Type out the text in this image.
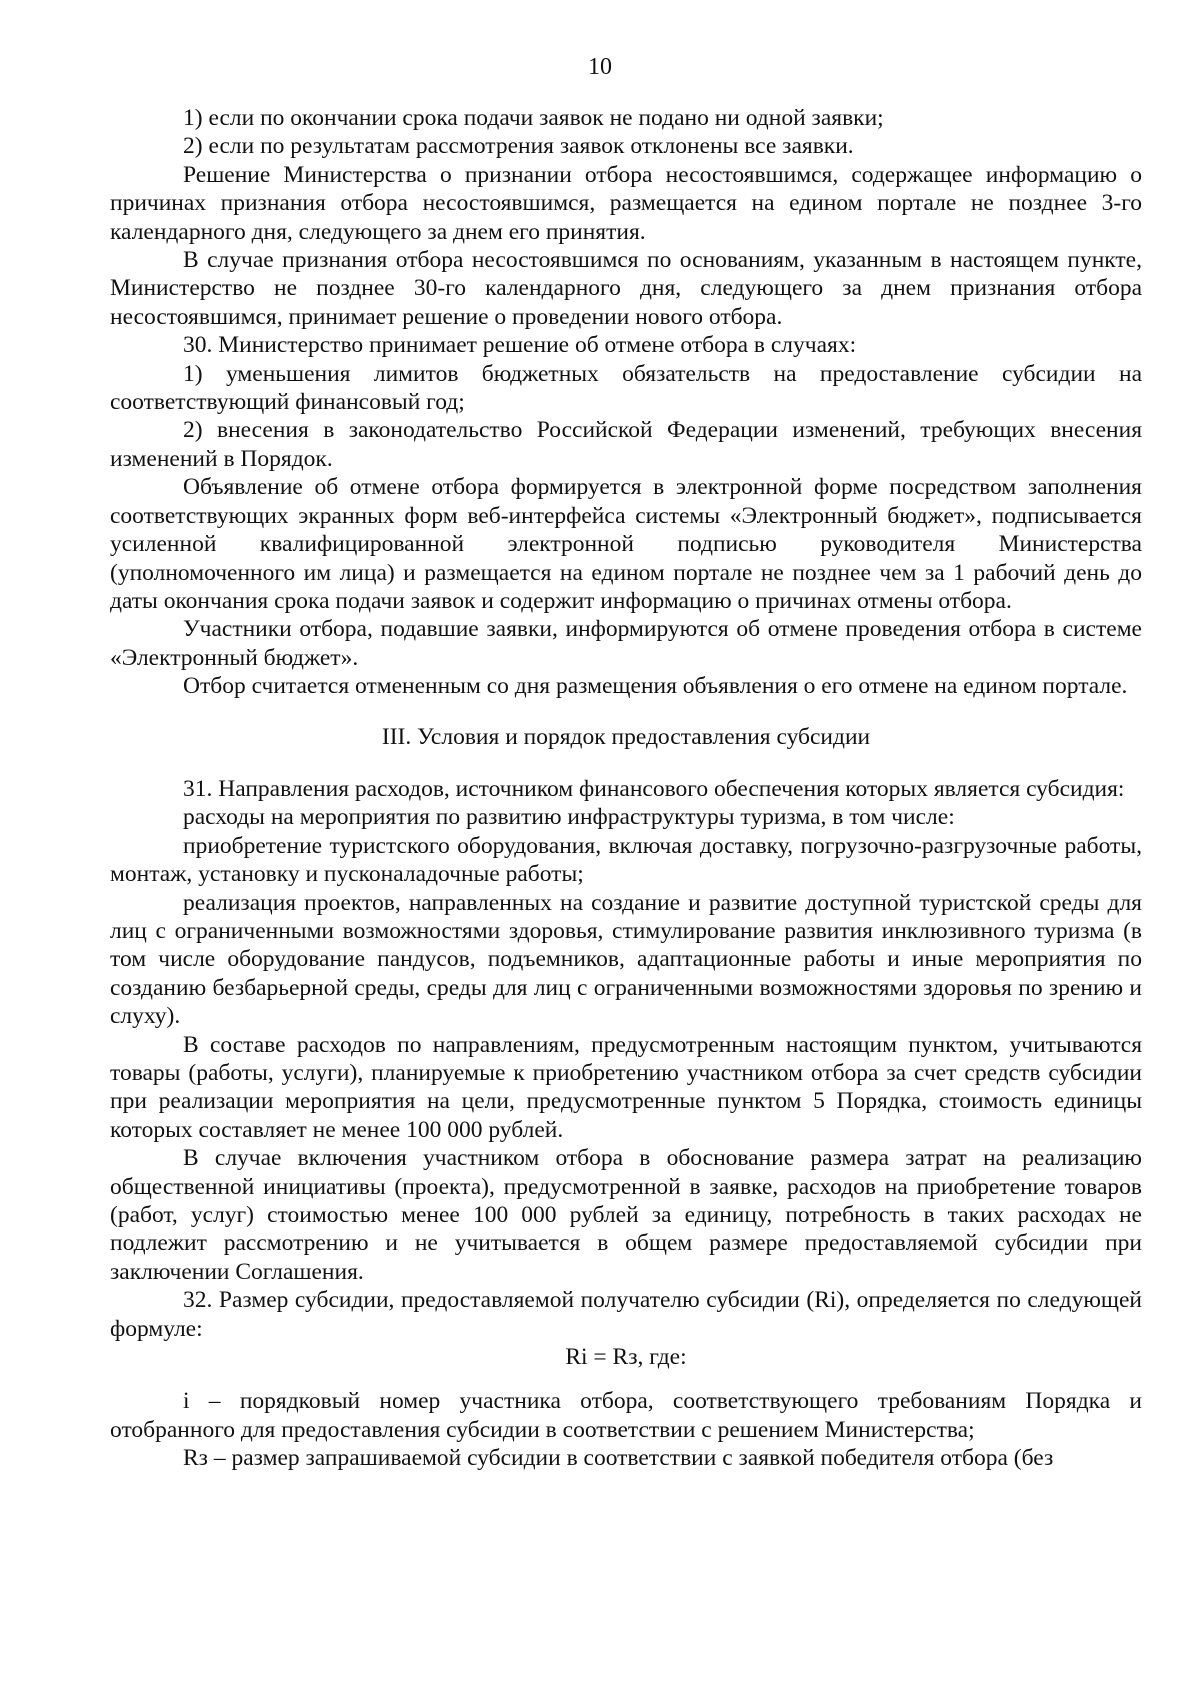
10

1) если по окончании срока подачи заявок не подано ни одной заявки;

2) если по результатам рассмотрения заявок отклонены все заявки.

Решение Министерства о признании отбора несостоявшимся, содержащее информацию о причинах признания отбора несостоявшимся, размещается на едином портале не позднее 3-го календарного дня, следующего за днем его принятия.

В случае признания отбора несостоявшимся по основаниям, указанным в настоящем пункте, Министерство не позднее 30-го календарного дня, следующего за днем признания отбора несостоявшимся, принимает решение о проведении нового отбора.

30. Министерство принимает решение об отмене отбора в случаях:

1) уменьшения лимитов бюджетных обязательств на предоставление субсидии на соответствующий финансовый год;

2) внесения в законодательство Российской Федерации изменений, требующих внесения изменений в Порядок.

Объявление об отмене отбора формируется в электронной форме посредством заполнения соответствующих экранных форм веб-интерфейса системы «Электронный бюджет», подписывается усиленной квалифицированной электронной подписью руководителя Министерства (уполномоченного им лица) и размещается на едином портале не позднее чем за 1 рабочий день до даты окончания срока подачи заявок и содержит информацию о причинах отмены отбора.

Участники отбора, подавшие заявки, информируются об отмене проведения отбора в системе «Электронный бюджет».

Отбор считается отмененным со дня размещения объявления о его отмене на едином портале.

III. Условия и порядок предоставления субсидии

31. Направления расходов, источником финансового обеспечения которых является субсидия:

расходы на мероприятия по развитию инфраструктуры туризма, в том числе:

приобретение туристского оборудования, включая доставку, погрузочно-разгрузочные работы, монтаж, установку и пусконаладочные работы;

реализация проектов, направленных на создание и развитие доступной туристской среды для лиц с ограниченными возможностями здоровья, стимулирование развития инклюзивного туризма (в том числе оборудование пандусов, подъемников, адаптационные работы и иные мероприятия по созданию безбарьерной среды, среды для лиц с ограниченными возможностями здоровья по зрению и слуху).

В составе расходов по направлениям, предусмотренным настоящим пунктом, учитываются товары (работы, услуги), планируемые к приобретению участником отбора за счет средств субсидии при реализации мероприятия на цели, предусмотренные пунктом 5 Порядка, стоимость единицы которых составляет не менее 100 000 рублей.

В случае включения участником отбора в обоснование размера затрат на реализацию общественной инициативы (проекта), предусмотренной в заявке, расходов на приобретение товаров (работ, услуг) стоимостью менее 100 000 рублей за единицу, потребность в таких расходах не подлежит рассмотрению и не учитывается в общем размере предоставляемой субсидии при заключении Соглашения.

32. Размер субсидии, предоставляемой получателю субсидии (Ri), определяется по следующей формуле:

Ri = Rз, где:

i – порядковый номер участника отбора, соответствующего требованиям Порядка и отобранного для предоставления субсидии в соответствии с решением Министерства;

Rз – размер запрашиваемой субсидии в соответствии с заявкой победителя отбора (без
